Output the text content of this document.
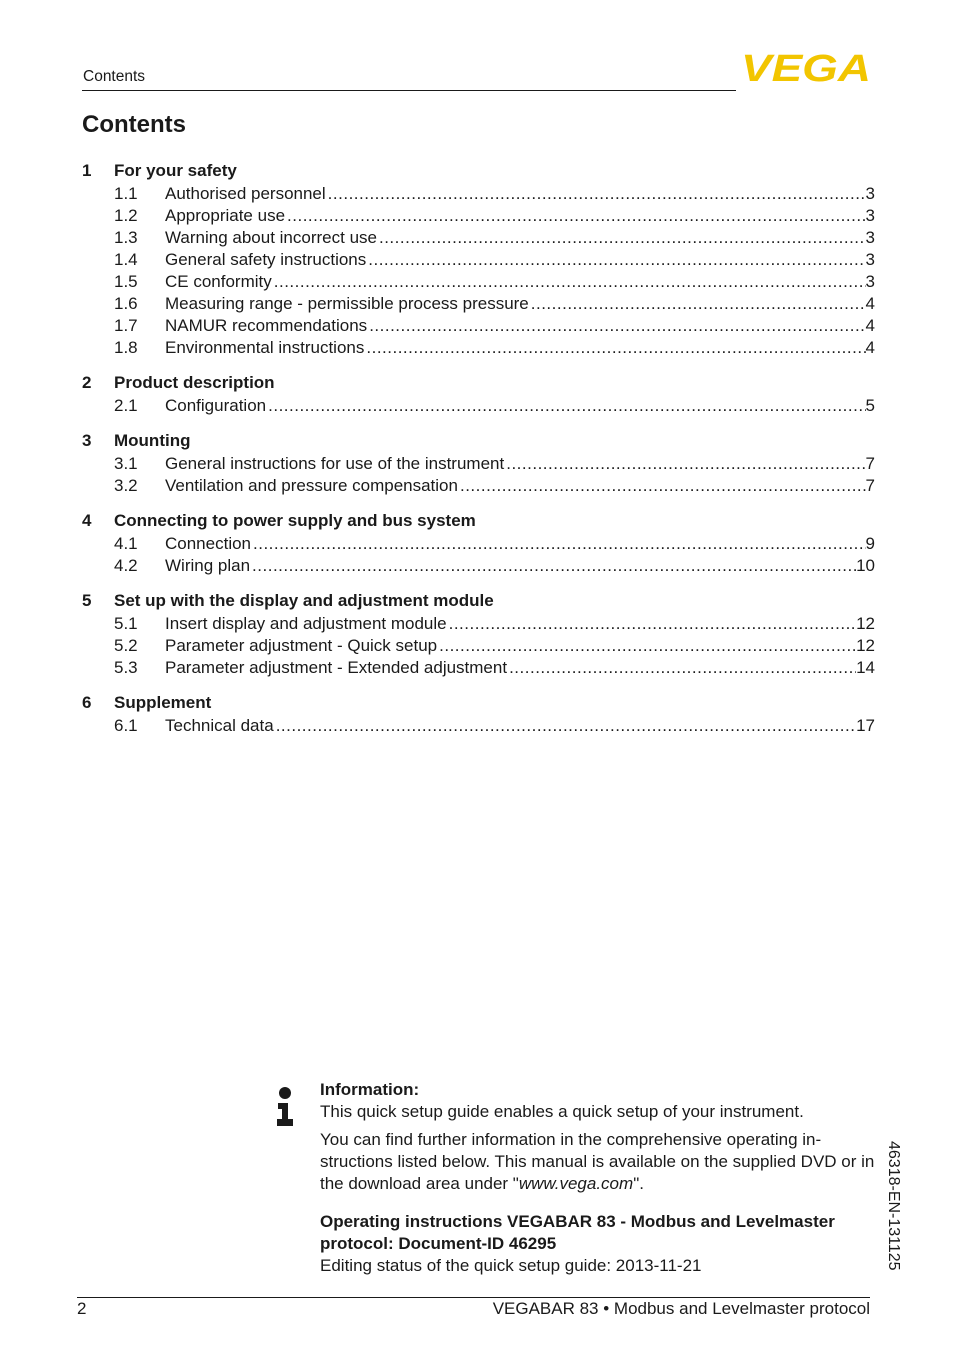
Contents	VEGA
Contents
1	For your safety
1.1	Authorised personnel .....	3
1.2	Appropriate use .....	3
1.3	Warning about incorrect use .....	3
1.4	General safety instructions .....	3
1.5	CE conformity .....	3
1.6	Measuring range - permissible process pressure .....	4
1.7	NAMUR recommendations .....	4
1.8	Environmental instructions .....	4
2	Product description
2.1	Configuration .....	5
3	Mounting
3.1	General instructions for use of the instrument .....	7
3.2	Ventilation and pressure compensation .....	7
4	Connecting to power supply and bus system
4.1	Connection .....	9
4.2	Wiring plan .....	10
5	Set up with the display and adjustment module
5.1	Insert display and adjustment module .....	12
5.2	Parameter adjustment - Quick setup .....	12
5.3	Parameter adjustment - Extended adjustment .....	14
6	Supplement
6.1	Technical data .....	17

Information:

This quick setup guide enables a quick setup of your instrument.

You can find further information in the comprehensive operating in-structions listed below. This manual is available on the supplied DVD or in the download area under "www.vega.com".

Operating instructions VEGABAR 83 - Modbus and Levelmaster protocol: Document-ID 46295

Editing status of the quick setup guide: 2013-11-21	46318-EN-131125
2	VEGABAR 83 • Modbus and Levelmaster protocol
